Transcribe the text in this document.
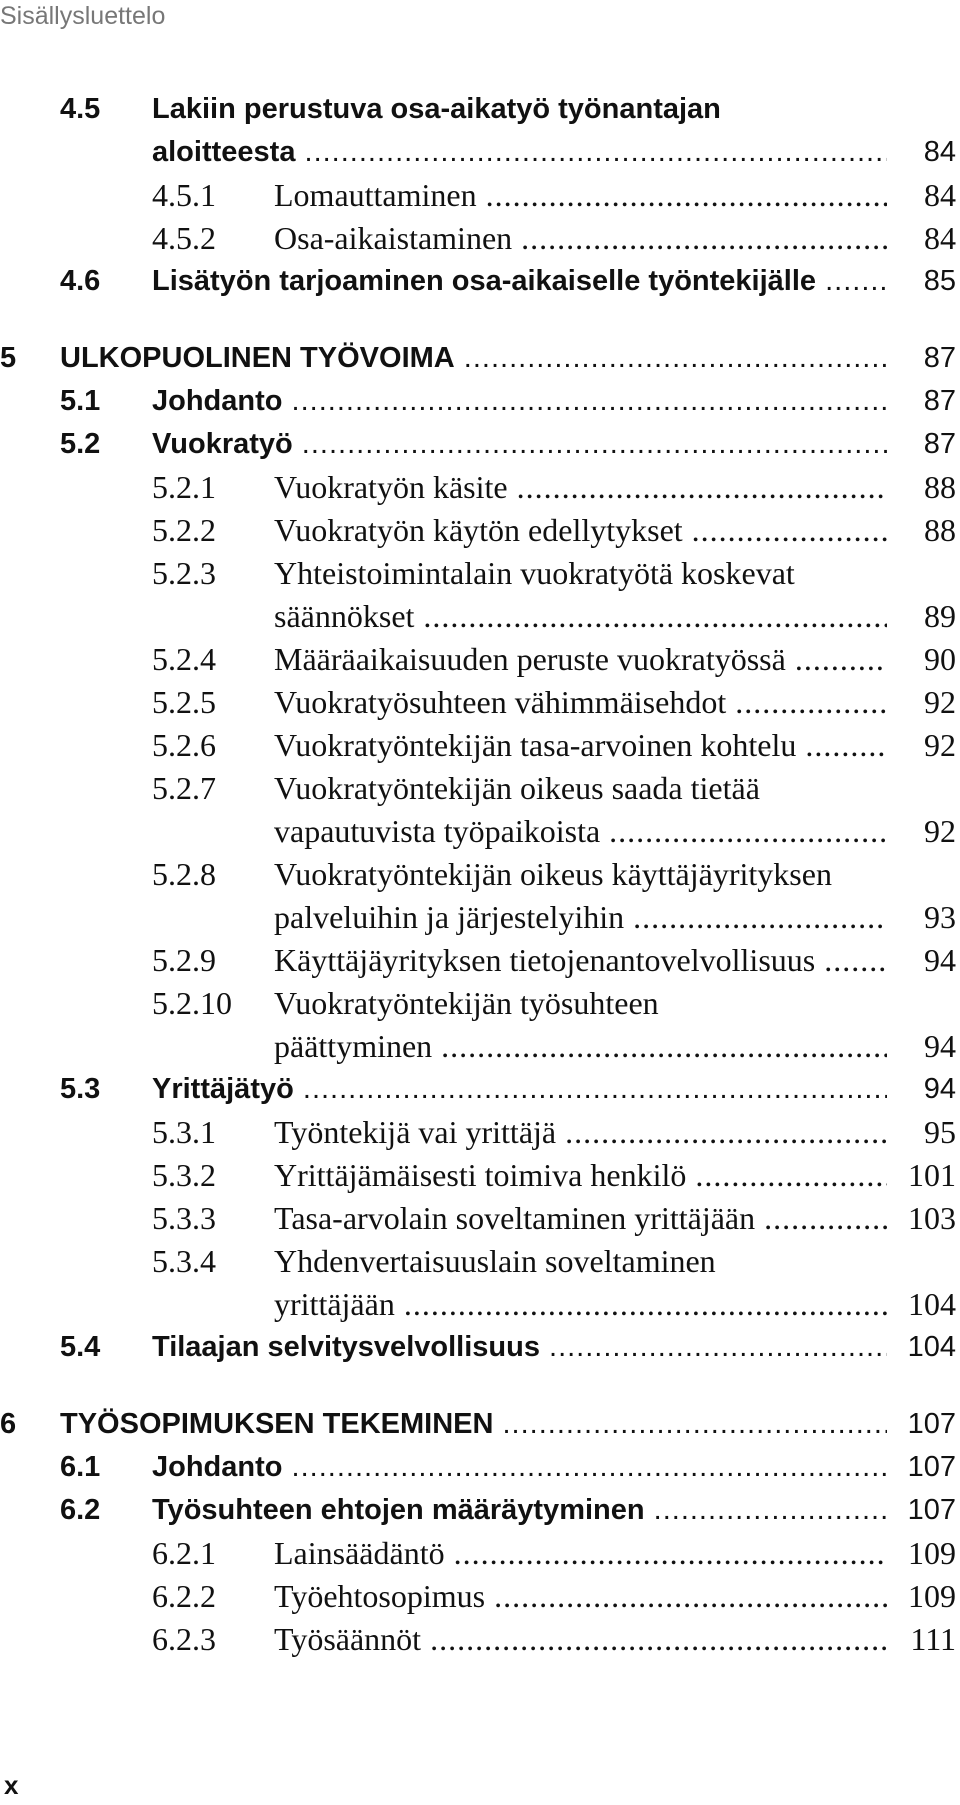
Sisällysluettelo
4.5 Lakiin perustuva osa-aikatyö työnantajan
aloitteesta .....	84
4.5.1 Lomauttaminen .....	84
4.5.2 Osa-aikaistaminen .....	84
4.6 Lisätyön tarjoaminen osa-aikaiselle työntekijälle .....	85
5 ULKOPUOLINEN TYÖVOIMA .....	87
5.1 Johdanto .....	87
5.2 Vuokratyö .....	87
5.2.1 Vuokratyön käsite .....	88
5.2.2 Vuokratyön käytön edellytykset .....	88
5.2.3 Yhteistoimintalain vuokratyötä koskevat
säännökset .....	89
5.2.4 Määräaikaisuuden peruste vuokratyössä .....	90
5.2.5 Vuokratyösuhteen vähimmäisehdot .....	92
5.2.6 Vuokratyöntekijän tasa-arvoinen kohtelu .....	92
5.2.7 Vuokratyöntekijän oikeus saada tietää
vapautuvista työpaikoista .....	92
5.2.8 Vuokratyöntekijän oikeus käyttäjäyrityksen
palveluihin ja järjestelyihin .....	93
5.2.9 Käyttäjäyrityksen tietojenantovelvollisuus .....	94
5.2.10 Vuokratyöntekijän työsuhteen
päättyminen .....	94
5.3 Yrittäjätyö .....	94
5.3.1 Työntekijä vai yrittäjä .....	95
5.3.2 Yrittäjämäisesti toimiva henkilö .....	101
5.3.3 Tasa-arvolain soveltaminen yrittäjään .....	103
5.3.4 Yhdenvertaisuuslain soveltaminen
yrittäjään .....	104
5.4 Tilaajan selvitysvelvollisuus .....	104
6 TYÖSOPIMUKSEN TEKEMINEN .....	107
6.1 Johdanto .....	107
6.2 Työsuhteen ehtojen määräytyminen .....	107
6.2.1 Lainsäädäntö .....	109
6.2.2 Työehtosopimus .....	109
6.2.3 Työsäännöt .....	111
x
